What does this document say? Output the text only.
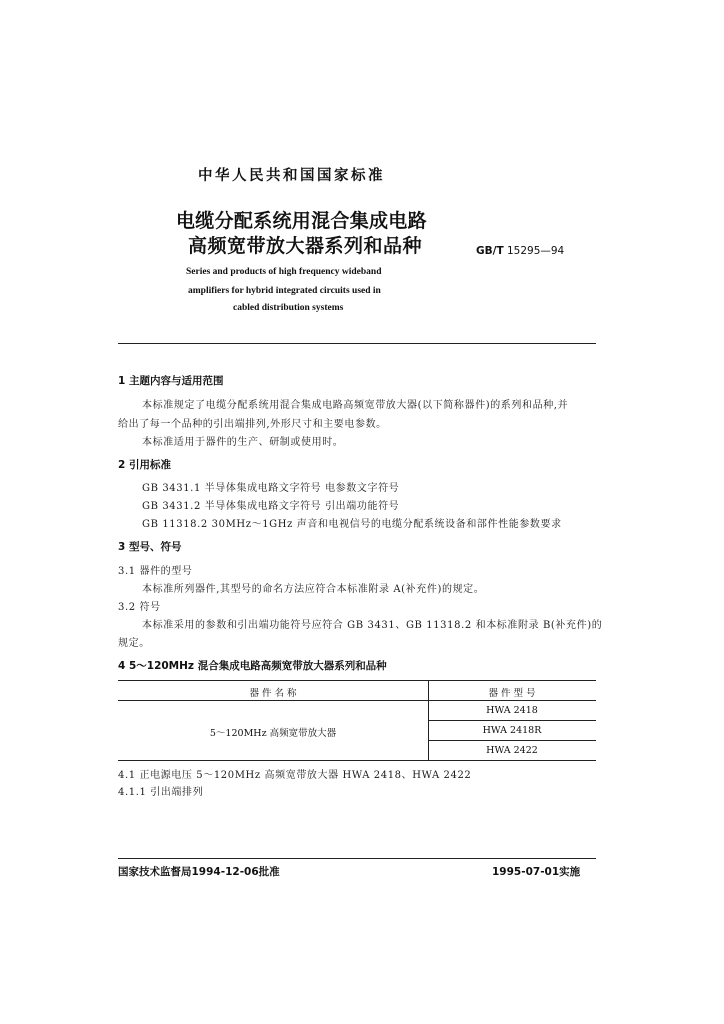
中华人民共和国国家标准
电缆分配系统用混合集成电路
高频宽带放大器系列和品种	GB/T 15295—94
Series and products of high frequency wideband
amplifiers for hybrid integrated circuits used in
cabled distribution systems
1 主题内容与适用范围
本标准规定了电缆分配系统用混合集成电路高频宽带放大器(以下简称器件)的系列和品种,并
给出了每一个品种的引出端排列,外形尺寸和主要电参数。
本标准适用于器件的生产、研制或使用时。
2 引用标准
GB 3431.1 半导体集成电路文字符号 电参数文字符号
GB 3431.2 半导体集成电路文字符号 引出端功能符号
GB 11318.2 30MHz～1GHz 声音和电视信号的电缆分配系统设备和部件性能参数要求
3 型号、符号
3.1 器件的型号
本标准所列器件,其型号的命名方法应符合本标准附录 A(补充件)的规定。
3.2 符号
本标准采用的参数和引出端功能符号应符合 GB 3431、GB 11318.2 和本标准附录 B(补充件)的
规定。
4 5～120MHz 混合集成电路高频宽带放大器系列和品种
器 件 名 称	器 件 型 号
5～120MHz 高频宽带放大器
HWA 2418
HWA 2418R
HWA 2422
4.1 正电源电压 5～120MHz 高频宽带放大器 HWA 2418、HWA 2422
4.1.1 引出端排列
国家技术监督局1994-12-06批准	1995-07-01实施
